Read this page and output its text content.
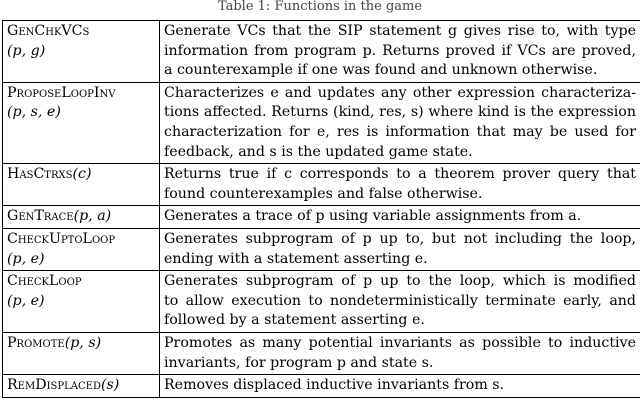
Table 1: Functions in the game
GenChkVCs
(p, g)	Generate VCs that the SIP statement g gives rise to, with type
information from program p. Returns proved if VCs are proved,
a counterexample if one was found and unknown otherwise.

ProposeLoopInv
(p, s, e)	Characterizes e and updates any other expression characteriza-
tions affected. Returns (kind, res, s) where kind is the expression
characterization for e, res is information that may be used for
feedback, and s is the updated game state.

HasCtrxs(c)	Returns true if c corresponds to a theorem prover query that
found counterexamples and false otherwise.

GenTrace(p, a)	Generates a trace of p using variable assignments from a.

CheckUptoLoop
(p, e)	Generates subprogram of p up to, but not including the loop,
ending with a statement asserting e.

CheckLoop
(p, e)	Generates subprogram of p up to the loop, which is modified
to allow execution to nondeterministically terminate early, and
followed by a statement asserting e.

Promote(p, s)	Promotes as many potential invariants as possible to inductive
invariants, for program p and state s.

RemDisplaced(s)	Removes displaced inductive invariants from s.
